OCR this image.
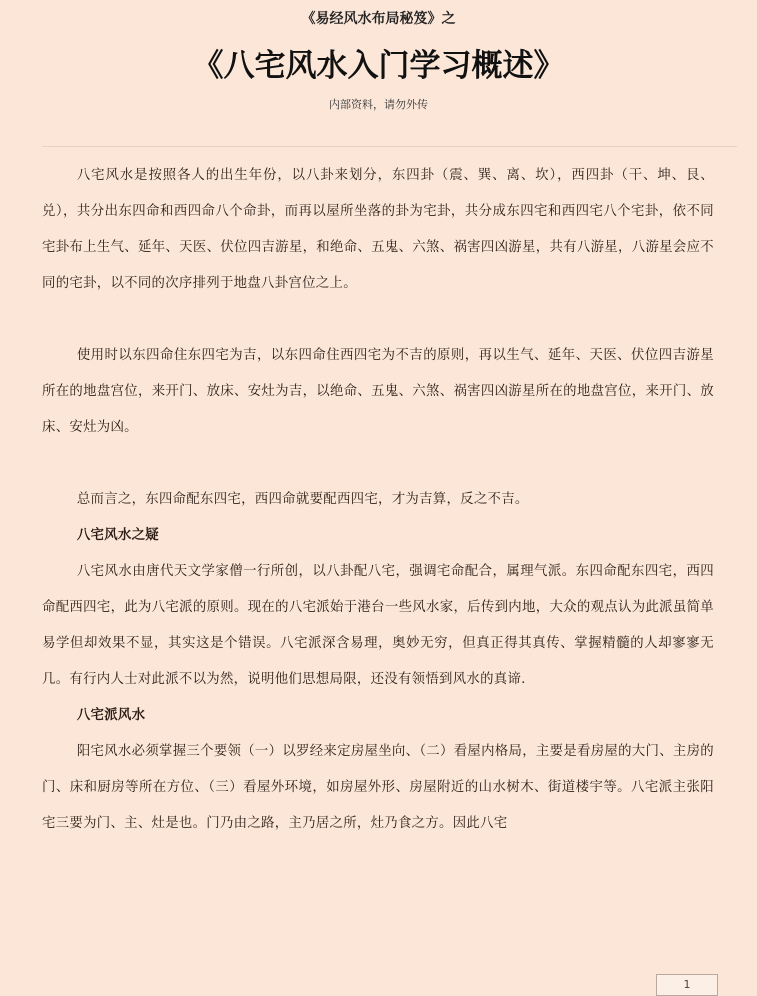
《易经风水布局秘笈》之
《八宅风水入门学习概述》
内部资料，请勿外传

八宅风水是按照各人的出生年份，以八卦来划分，东四卦（震、巽、离、坎），西四卦（干、坤、艮、兑），共分出东四命和西四命八个命卦，而再以屋所坐落的卦为宅卦，共分成东四宅和西四宅八个宅卦，依不同宅卦布上生气、延年、天医、伏位四吉游星，和绝命、五鬼、六煞、祸害四凶游星，共有八游星，八游星会应不同的宅卦，以不同的次序排列于地盘八卦宫位之上。

使用时以东四命住东四宅为吉，以东四命住西四宅为不吉的原则，再以生气、延年、天医、伏位四吉游星所在的地盘宫位，来开门、放床、安灶为吉，以绝命、五鬼、六煞、祸害四凶游星所在的地盘宫位，来开门、放床、安灶为凶。

总而言之，东四命配东四宅，西四命就要配西四宅，才为吉算，反之不吉。

八宅风水之疑

八宅风水由唐代天文学家僧一行所创，以八卦配八宅，强调宅命配合，属理气派。东四命配东四宅，西四命配西四宅，此为八宅派的原则。现在的八宅派始于港台一些风水家，后传到内地，大众的观点认为此派虽简单易学但却效果不显，其实这是个错误。八宅派深含易理，奥妙无穷，但真正得其真传、掌握精髓的人却寥寥无几。有行内人士对此派不以为然，说明他们思想局限，还没有领悟到风水的真谛.

八宅派风水

阳宅风水必须掌握三个要领（一）以罗经来定房屋坐向、（二）看屋内格局，主要是看房屋的大门、主房的门、床和厨房等所在方位、（三）看屋外环境，如房屋外形、房屋附近的山水树木、街道楼宇等。八宅派主张阳宅三要为门、主、灶是也。门乃由之路，主乃居之所，灶乃食之方。因此八宅

1
